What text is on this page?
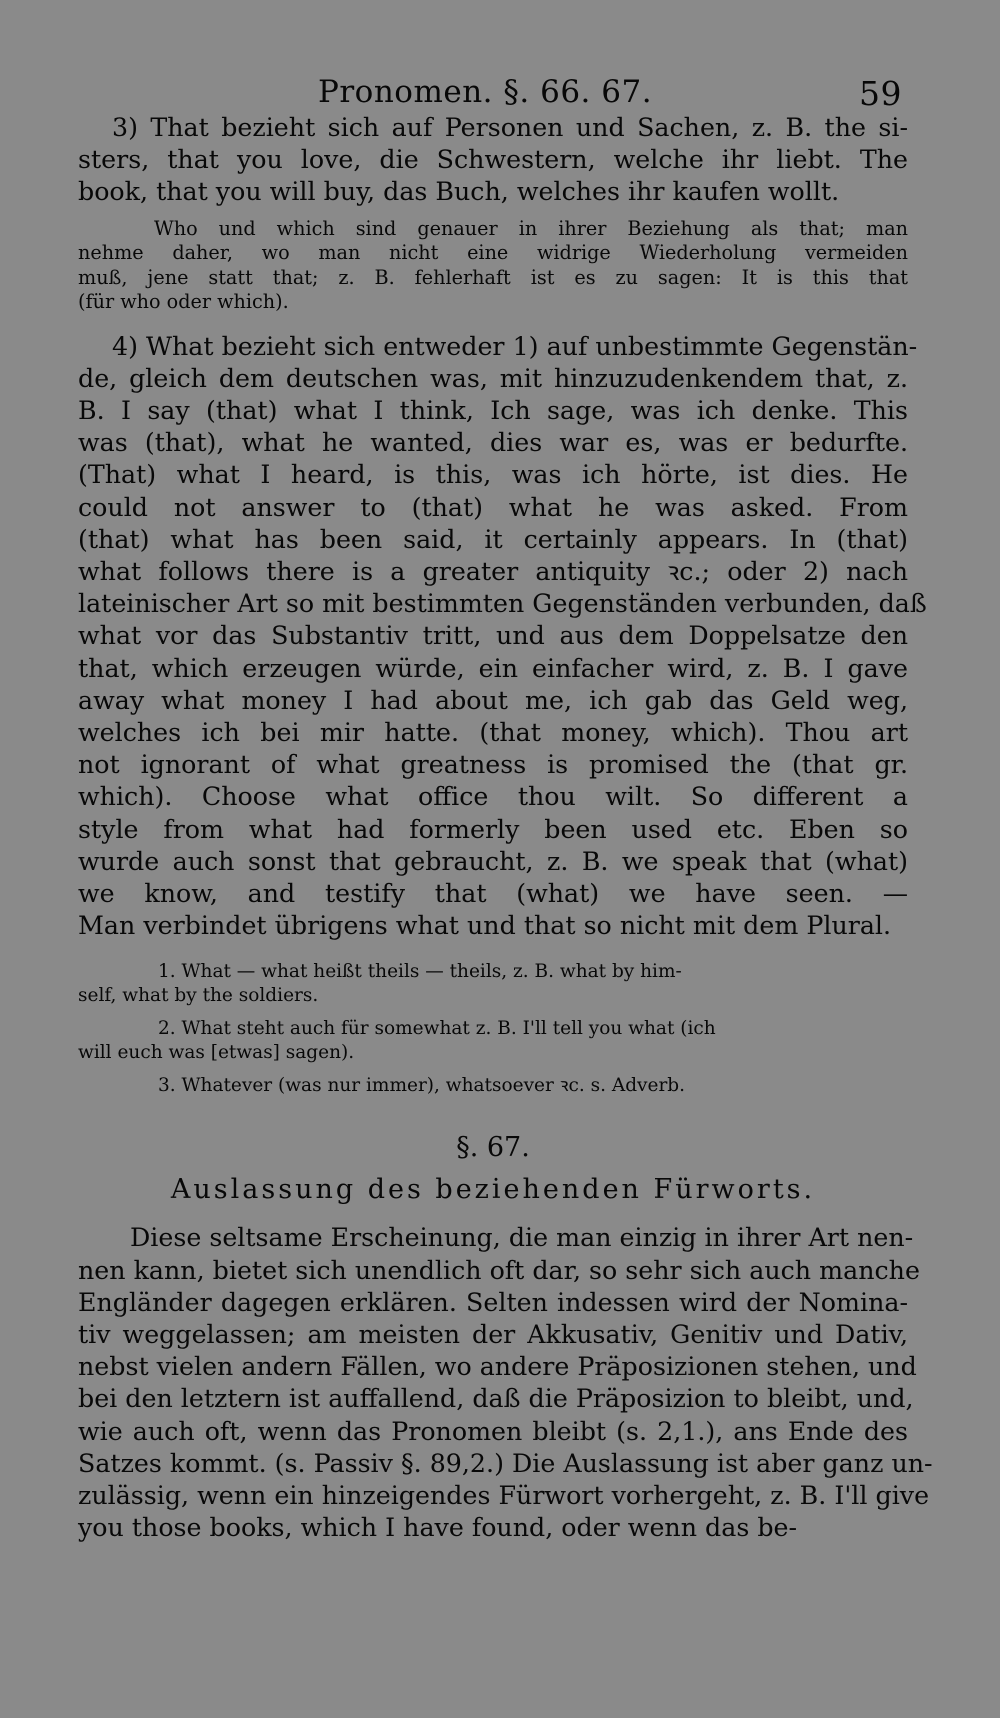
Pronomen. §. 66. 67.	59
3) That bezieht sich auf Personen und Sachen, z. B. the si-
sters, that you love, die Schwestern, welche ihr liebt. The
book, that you will buy, das Buch, welches ihr kaufen wollt.
Who und which sind genauer in ihrer Beziehung als that; man
nehme daher, wo man nicht eine widrige Wiederholung vermeiden
muß, jene statt that; z. B. fehlerhaft ist es zu sagen: It is this that
(für who oder which).
4) What bezieht sich entweder 1) auf unbestimmte Gegenstän-
de, gleich dem deutschen was, mit hinzuzudenkendem that, z.
B. I say (that) what I think, Ich sage, was ich denke. This
was (that), what he wanted, dies war es, was er bedurfte.
(That) what I heard, is this, was ich hörte, ist dies. He
could not answer to (that) what he was asked. From
(that) what has been said, it certainly appears. In (that)
what follows there is a greater antiquity ꝛc.; oder 2) nach
lateinischer Art so mit bestimmten Gegenständen verbunden, daß
what vor das Substantiv tritt, und aus dem Doppelsatze den
that, which erzeugen würde, ein einfacher wird, z. B. I gave
away what money I had about me, ich gab das Geld weg,
welches ich bei mir hatte. (that money, which). Thou art
not ignorant of what greatness is promised the (that gr.
which). Choose what office thou wilt. So different a
style from what had formerly been used etc. Eben so
wurde auch sonst that gebraucht, z. B. we speak that (what)
we know, and testify that (what) we have seen. —
Man verbindet übrigens what und that so nicht mit dem Plural.
1. What — what heißt theils — theils, z. B. what by him-
self, what by the soldiers.
2. What steht auch für somewhat z. B. I'll tell you what (ich
will euch was [etwas] sagen).
3. Whatever (was nur immer), whatsoever ꝛc. s. Adverb.
§. 67.
Auslassung des beziehenden Fürworts.
Diese seltsame Erscheinung, die man einzig in ihrer Art nen-
nen kann, bietet sich unendlich oft dar, so sehr sich auch manche
Engländer dagegen erklären. Selten indessen wird der Nomina-
tiv weggelassen; am meisten der Akkusativ, Genitiv und Dativ,
nebst vielen andern Fällen, wo andere Präposizionen stehen, und
bei den letztern ist auffallend, daß die Präposizion to bleibt, und,
wie auch oft, wenn das Pronomen bleibt (s. 2,1.), ans Ende des
Satzes kommt. (s. Passiv §. 89,2.) Die Auslassung ist aber ganz un-
zulässig, wenn ein hinzeigendes Fürwort vorhergeht, z. B. I'll give
you those books, which I have found, oder wenn das be-
